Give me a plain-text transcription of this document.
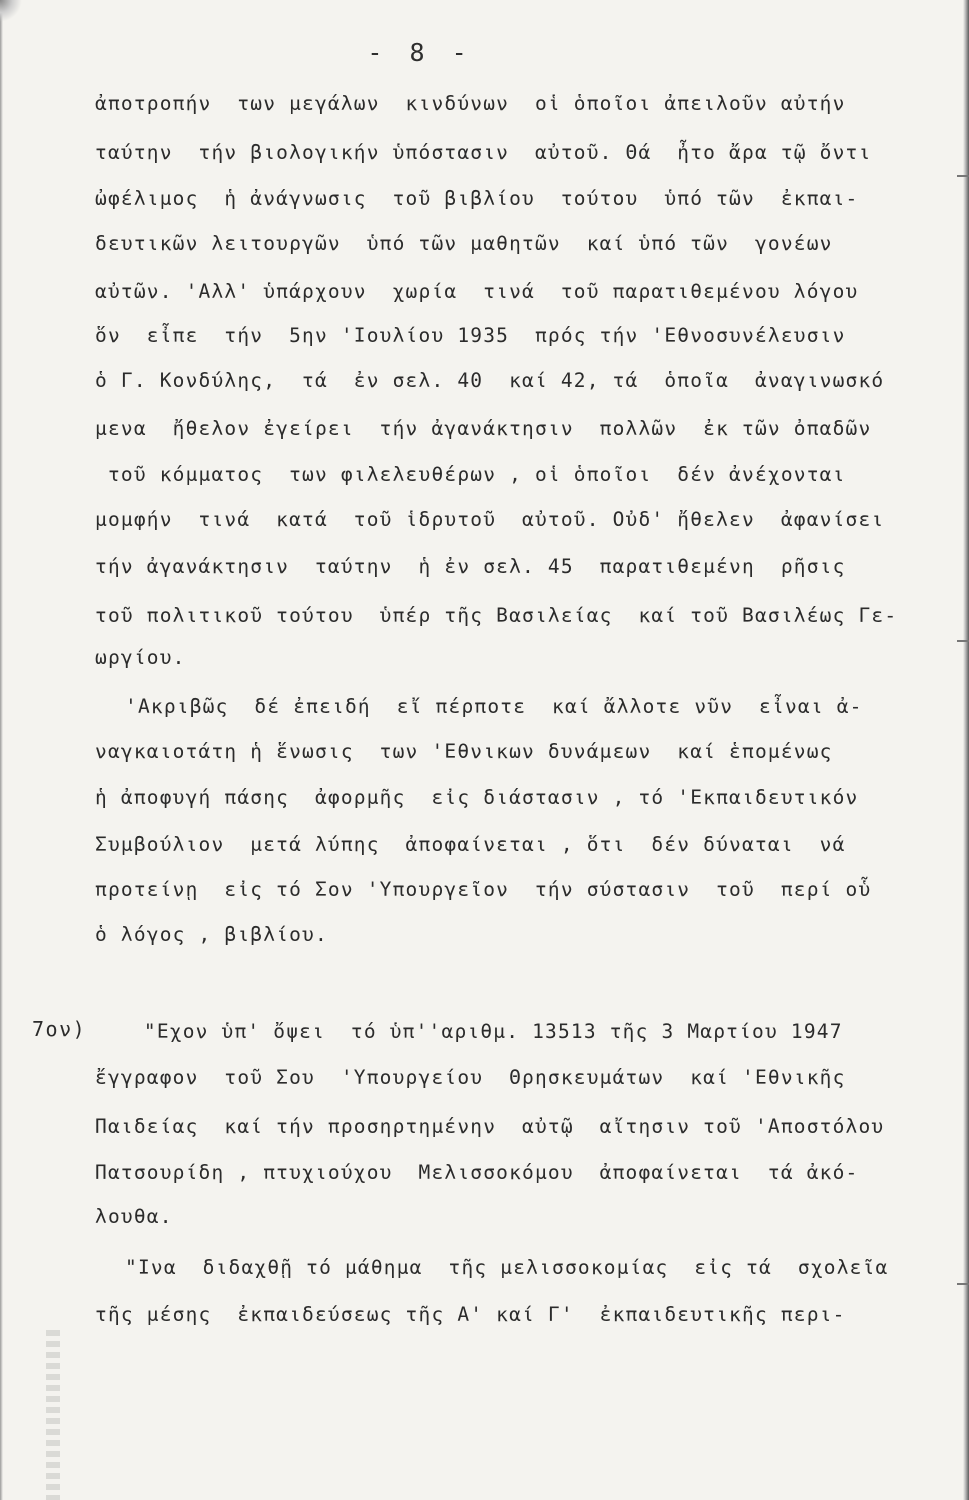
- 8 -
ἀποτροπήν  των μεγάλων  κινδύνων  οἱ ὁποῖοι ἀπειλοῦν αὐτήν
ταύτην  τήν βιολογικήν ὑπόστασιν  αὐτοῦ. Θά  ἦτο ἄρα τῷ ὄντι
ὠφέλιμος  ἡ ἀνάγνωσις  τοῦ βιβλίου  τούτου  ὑπό τῶν  ἐκπαι-
δευτικῶν λειτουργῶν  ὑπό τῶν μαθητῶν  καί ὑπό τῶν  γονέων
αὐτῶν. 'Αλλ' ὑπάρχουν  χωρία  τινά  τοῦ παρατιθεμένου λόγου
ὅν  εἶπε  τήν  5ην 'Ιουλίου 1935  πρός τήν 'Εθνοσυνέλευσιν
ὁ Γ. Κονδύλης,  τά  ἐν σελ. 40  καί 42, τά  ὁποῖα  ἀναγινωσκό
μενα  ἤθελον ἐγείρει  τήν ἀγανάκτησιν  πολλῶν  ἐκ τῶν ὀπαδῶν
τοῦ κόμματος  των φιλελευθέρων , οἱ ὁποῖοι  δέν ἀνέχονται
μομφήν  τινά  κατά  τοῦ ἱδρυτοῦ  αὐτοῦ. Οὐδ' ἤθελεν  ἀφανίσει
τήν ἀγανάκτησιν  ταύτην  ἡ ἐν σελ. 45  παρατιθεμένη  ρῆσις
τοῦ πολιτικοῦ τούτου  ὑπέρ τῆς Βασιλείας  καί τοῦ Βασιλέως Γε-
ωργίου.
'Ακριβῶς  δέ ἐπειδή  εἴ πέρποτε  καί ἄλλοτε νῦν  εἶναι ἀ-
ναγκαιοτάτη ἡ ἕνωσις  των 'Εθνικων δυνάμεων  καί ἑπομένως
ἡ ἀποφυγή πάσης  ἀφορμῆς  εἰς διάστασιν , τό 'Εκπαιδευτικόν
Συμβούλιον  μετά λύπης  ἀποφαίνεται , ὅτι  δέν δύναται  νά
προτείνῃ  εἰς τό Σον 'Υπουργεῖον  τήν σύστασιν  τοῦ  περί οὗ
ὁ λόγος , βιβλίου.
7ον) "Εχον ὑπ' ὄψει  τό ὑπ''αριθμ. 13513 τῆς 3 Μαρτίου 1947
ἔγγραφον  τοῦ Σου  'Υπουργείου  Θρησκευμάτων  καί 'Εθνικῆς
Παιδείας  καί τήν προσηρτημένην  αὐτῷ  αἴτησιν τοῦ 'Αποστόλου
Πατσουρίδη , πτυχιούχου  Μελισσοκόμου  ἀποφαίνεται  τά ἀκό-
λουθα.
"Ινα  διδαχθῇ τό μάθημα  τῆς μελισσοκομίας  εἰς τά  σχολεῖα
τῆς μέσης  ἐκπαιδεύσεως τῆς Α' καί Γ'  ἐκπαιδευτικῆς περι-
